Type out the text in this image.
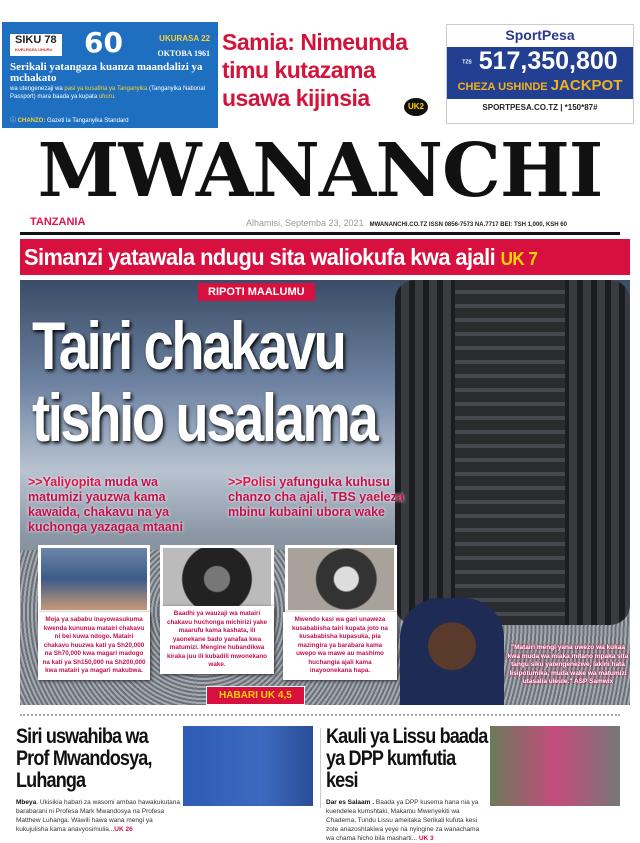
SIKU 78
KUELEKEA UHURU 60	UKURASA 22
OKTOBA 1961
Serikali yatangaza kuanza maandalizi ya mchakato
wa utengenezaji wa pasi ya kusafiria ya Tanganyika (Tanganyika National Passport) mara baada ya kupata uhuru.
ⓘ CHANZO: Gazeti la Tanganyika Standard
Samia: Nimeunda timu kutazama usawa kijinsia	UK2
SportPesa
TZS 517,350,800
CHEZA USHINDE JACKPOT
SPORTPESA.CO.TZ | *150*87#
MWANANCHI
TANZANIA	Alhamisi, Septemba 23, 2021 MWANANCHI.CO.TZ ISSN 0856-7573 NA.7717 BEI: TSH 1,000, KSH 60
Simanzi yatawala ndugu sita waliokufa kwa ajali UK 7
RIPOTI MAALUMU
Tairi chakavu
tishio usalama
>>Yaliyopita muda wa matumizi yauzwa kama kawaida, chakavu na ya kuchonga yazagaa mtaani
>>Polisi yafunguka kuhusu chanzo cha ajali, TBS yaeleza mbinu kubaini ubora wake
Moja ya sababu inayowasukuma kwenda kununua matairi chakavu ni bei kuwa ndogo. Matairi chakavu huuzwa kati ya Sh20,000 na Sh70,000 kwa magari madogo na kati ya Sh150,000 na Sh200,000 kwa matairi ya magari makubwa.
Baadhi ya wauzaji wa matairi chakavu huchonga michirizi yake maarufu kama kashata, ili yaonekane bado yanafaa kwa matumizi. Mengine hubandikwa kiraka juu ili kubadili mwonekano wake.
Mwendo kasi wa gari unaweza kusababisha tairi kupata joto na kusababisha kupasuka, pia mazingira ya barabara kama uwepo wa mawe au mashimo huchangia ajali kama inayoonekana hapa.
HABARI UK 4,5
"Matairi mengi yana uwezo wa kukaa kwa muda wa miaka mitano mpaka sita tangu siku yatengenezwe, lakini hata lisipotumika, muda wake wa matumizi utasalia uleule." ASP Samwix
Siri uswahiba wa Prof Mwandosya, Luhanga
Mbeya. Ukisikia habari za wasomi ambao hawakukutana barabarani ni Profesa Mark Mwandosya na Profesa Matthew Luhanga. Wawili hawa wana mengi ya kukujulisha kama anavyosimulia...UK 26
Kauli ya Lissu baada ya DPP kumfutia kesi
Dar es Salaam . Baada ya DPP kusema hana nia ya kuendelea kumshtaki, Makamu Mwenyekiti wa Chadema, Tundu Lissu ameitaka Serikali kufuta kesi zote anazoshtakiwa yeye na nyingine za wanachama wa chama hicho bila masharti... UK 3
